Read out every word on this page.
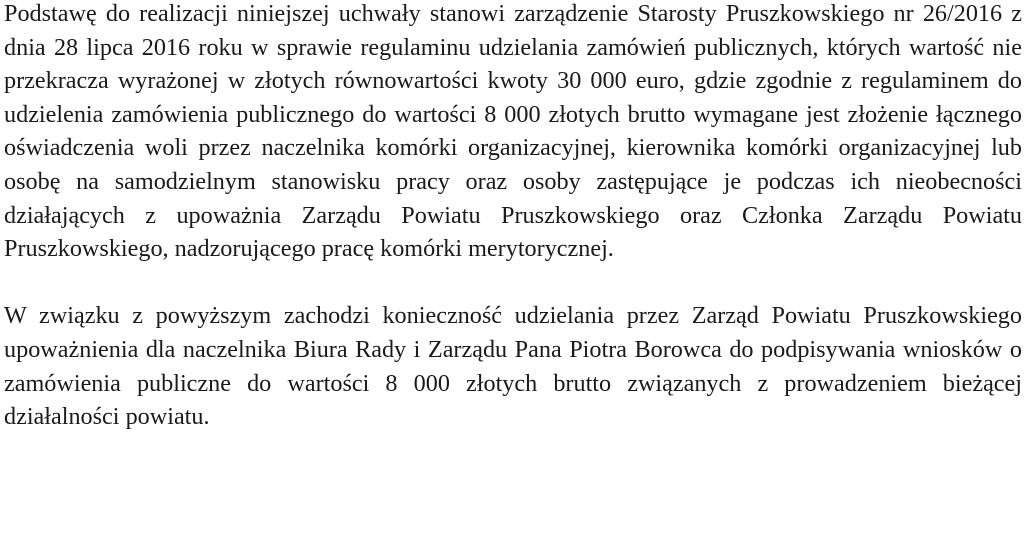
Podstawę do realizacji niniejszej uchwały stanowi zarządzenie Starosty Pruszkowskiego nr 26/2016 z dnia 28 lipca 2016 roku w sprawie regulaminu udzielania zamówień publicznych, których wartość nie przekracza wyrażonej w złotych równowartości kwoty 30 000 euro, gdzie zgodnie z regulaminem do udzielenia zamówienia publicznego do wartości 8 000 złotych brutto wymagane jest złożenie łącznego oświadczenia woli przez naczelnika komórki organizacyjnej, kierownika komórki organizacyjnej lub osobę na samodzielnym stanowisku pracy oraz osoby zastępujące je podczas ich nieobecności działających z upoważnia Zarządu Powiatu Pruszkowskiego oraz Członka Zarządu Powiatu Pruszkowskiego, nadzorującego pracę komórki merytorycznej.

W związku z powyższym zachodzi konieczność udzielania przez Zarząd Powiatu Pruszkowskiego upoważnienia dla naczelnika Biura Rady i Zarządu Pana Piotra Borowca do podpisywania wniosków o zamówienia publiczne do wartości 8 000 złotych brutto związanych z prowadzeniem bieżącej działalności powiatu.
